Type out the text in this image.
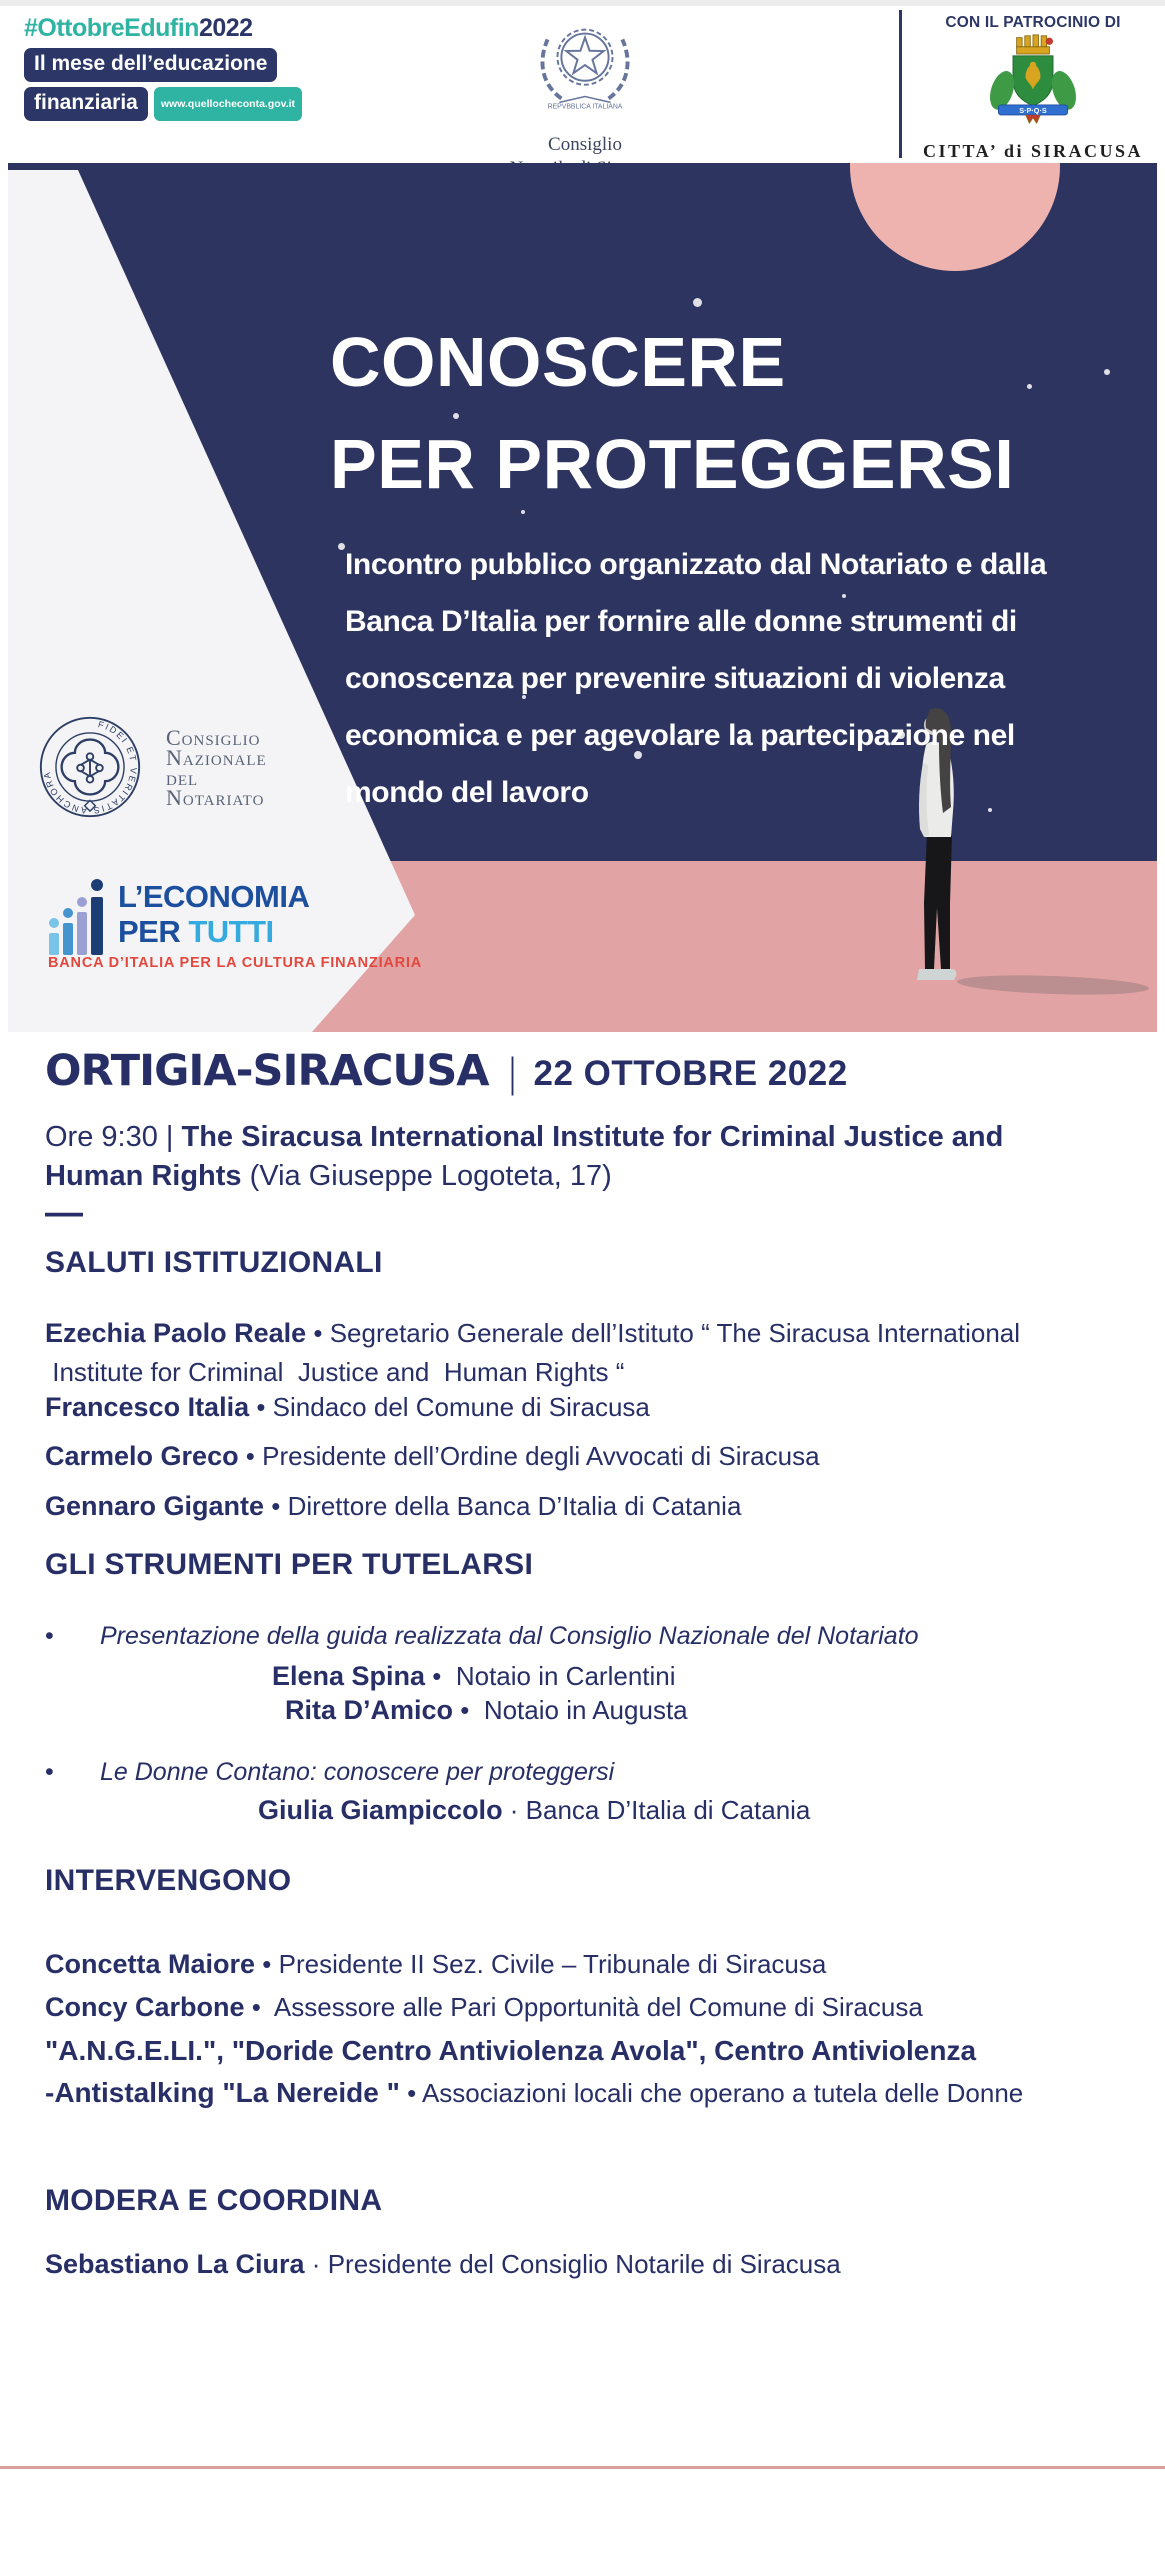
#OttobreEdufin2022
Il mese dell’educazione
finanziaria	www.quellocheconta.gov.it	REPVBBLICA ITALIANA
Consiglio
CON IL PATROCINIO DI
S·P·Q·S
CITTA’ di SIRACUSA
CONOSCERE
PER PROTEGGERSI
Incontro pubblico organizzato dal Notariato e dalla
Banca D’Italia per fornire alle donne strumenti di
conoscenza per prevenire situazioni di violenza
economica e per agevolare la partecipazione nel
mondo del lavoro
FIDEI ET VERITATIS ANCHORA
Consiglio
Nazionale
del
Notariato
L’ECONOMIA
PER TUTTI
BANCA D’ITALIA PER LA CULTURA FINANZIARIA
ORTIGIA-SIRACUSA | 22 OTTOBRE 2022
Ore 9:30 | The Siracusa International Institute for Criminal Justice and
Human Rights (Via Giuseppe Logoteta, 17)
—
SALUTI ISTITUZIONALI
Ezechia Paolo Reale • Segretario Generale dell’Istituto “ The Siracusa International
Institute for Criminal  Justice and  Human Rights “
Francesco Italia • Sindaco del Comune di Siracusa
Carmelo Greco • Presidente dell’Ordine degli Avvocati di Siracusa
Gennaro Gigante • Direttore della Banca D’Italia di Catania
GLI STRUMENTI PER TUTELARSI
• Presentazione della guida realizzata dal Consiglio Nazionale del Notariato
Elena Spina •  Notaio in Carlentini
Rita D’Amico •  Notaio in Augusta
• Le Donne Contano: conoscere per proteggersi
Giulia Giampiccolo · Banca D’Italia di Catania
INTERVENGONO
Concetta Maiore • Presidente II Sez. Civile – Tribunale di Siracusa
Concy Carbone •  Assessore alle Pari Opportunità del Comune di Siracusa
"A.N.G.E.LI.", "Doride Centro Antiviolenza Avola", Centro Antiviolenza
-Antistalking "La Nereide " • Associazioni locali che operano a tutela delle Donne
MODERA E COORDINA
Sebastiano La Ciura · Presidente del Consiglio Notarile di Siracusa
